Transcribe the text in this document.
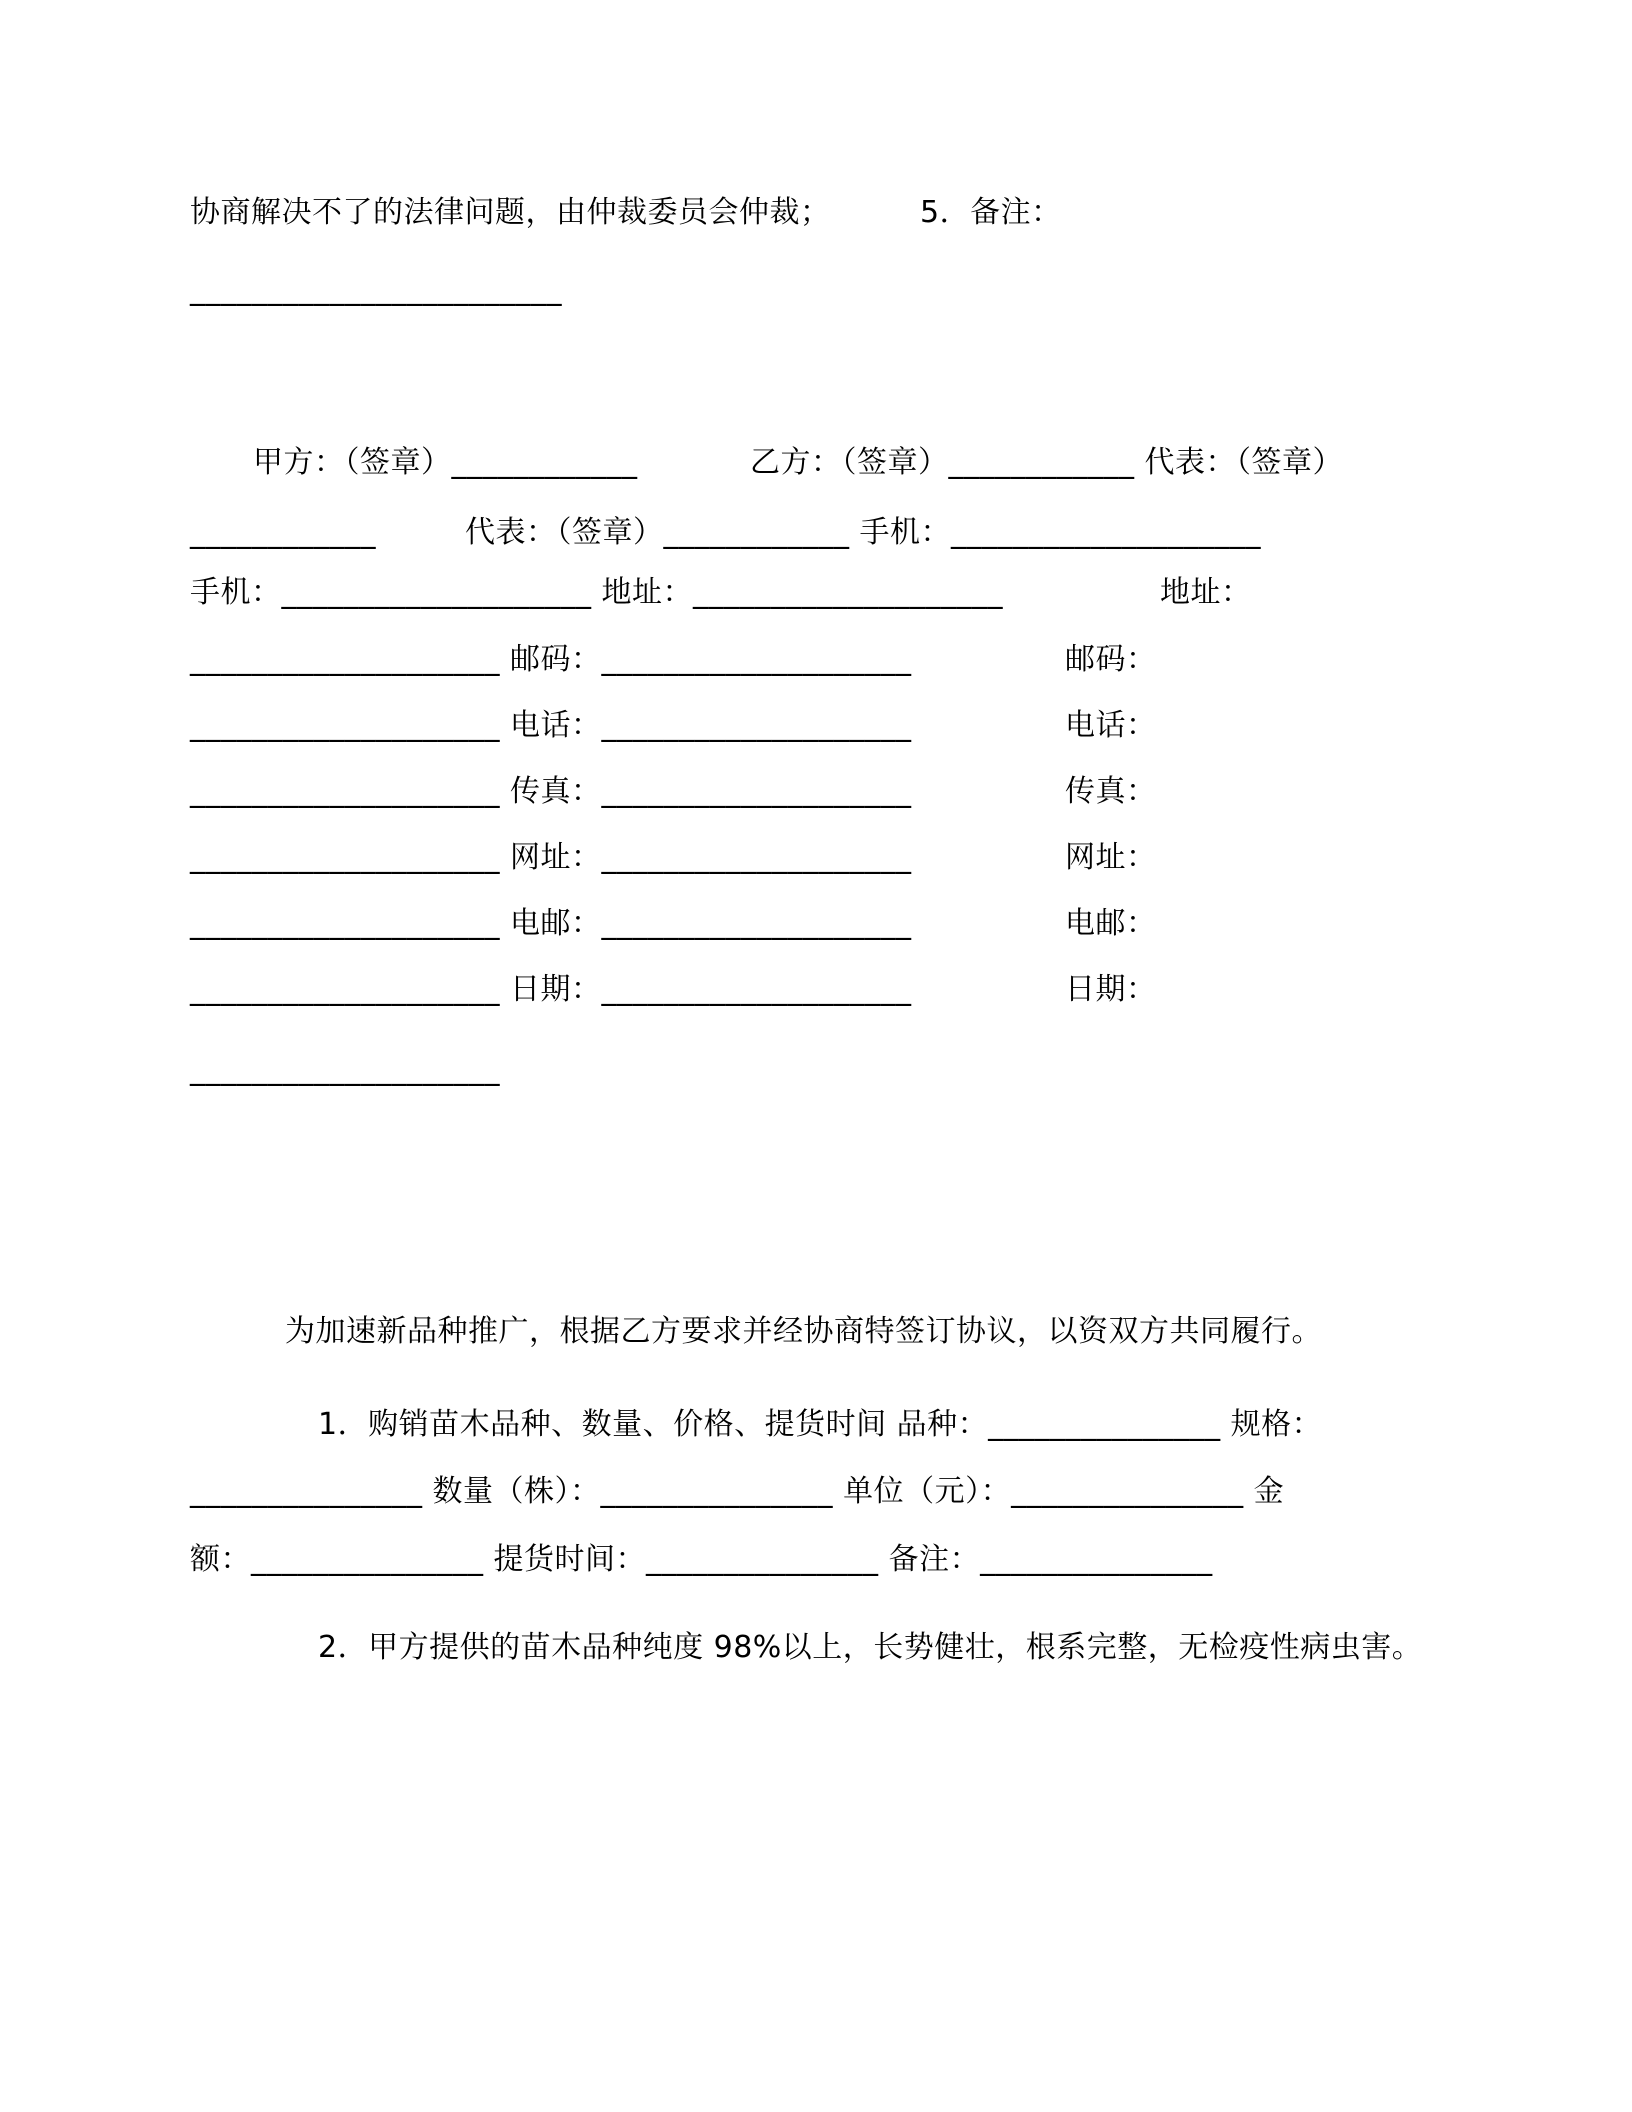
协商解决不了的法律问题，由仲裁委员会仲裁；	5．备注：
________________________
甲方：（签章）____________	乙方：（签章）____________ 代表：（签章）
____________	代表：（签章）____________ 手机：____________________
手机：____________________ 地址：____________________	地址：
____________________ 邮码：____________________	邮码：
____________________ 电话：____________________	电话：
____________________ 传真：____________________	传真：
____________________ 网址：____________________	网址：
____________________ 电邮：____________________	电邮：
____________________ 日期：____________________	日期：
____________________
为加速新品种推广，根据乙方要求并经协商特签订协议，以资双方共同履行。
1．购销苗木品种、数量、价格、提货时间 品种：_______________ 规格：
_______________ 数量（株）：_______________ 单位（元）：_______________ 金
额：_______________ 提货时间：_______________ 备注：_______________
2．甲方提供的苗木品种纯度 98%以上，长势健壮，根系完整，无检疫性病虫害。
